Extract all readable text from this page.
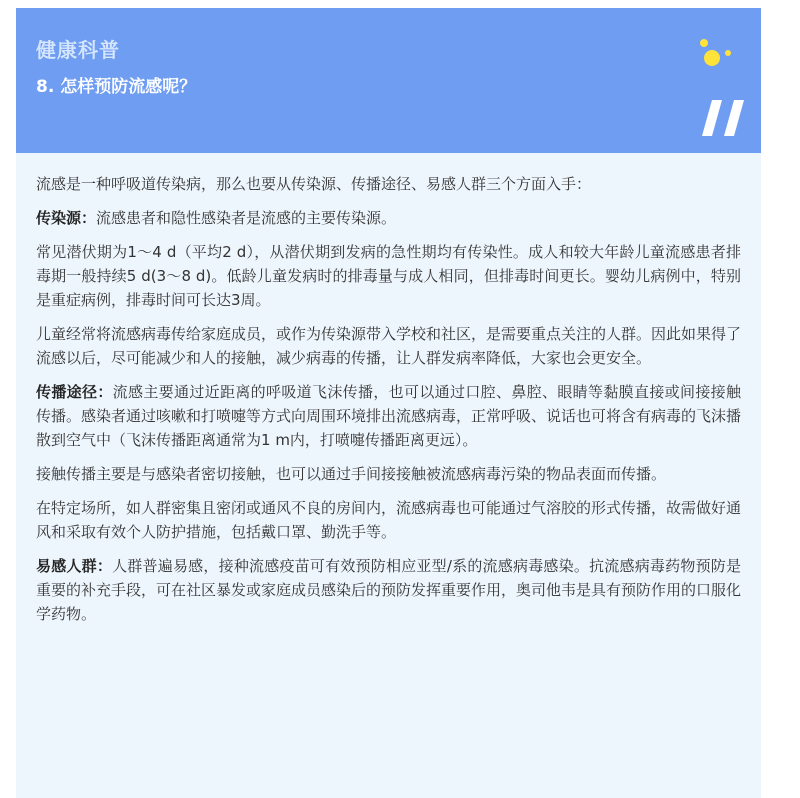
健康科普
8. 怎样预防流感呢？

流感是一种呼吸道传染病，那么也要从传染源、传播途径、易感人群三个方面入手：

传染源：流感患者和隐性感染者是流感的主要传染源。

常见潜伏期为1～4 d（平均2 d），从潜伏期到发病的急性期均有传染性。成人和较大年龄儿童流感患者排毒期一般持续5 d(3～8 d)。低龄儿童发病时的排毒量与成人相同，但排毒时间更长。婴幼儿病例中，特别是重症病例，排毒时间可长达3周。

儿童经常将流感病毒传给家庭成员，或作为传染源带入学校和社区，是需要重点关注的人群。因此如果得了流感以后，尽可能减少和人的接触，减少病毒的传播，让人群发病率降低，大家也会更安全。

传播途径：流感主要通过近距离的呼吸道飞沫传播，也可以通过口腔、鼻腔、眼睛等黏膜直接或间接接触传播。感染者通过咳嗽和打喷嚏等方式向周围环境排出流感病毒，正常呼吸、说话也可将含有病毒的飞沫播散到空气中（飞沫传播距离通常为1 m内，打喷嚏传播距离更远）。

接触传播主要是与感染者密切接触，也可以通过手间接接触被流感病毒污染的物品表面而传播。

在特定场所，如人群密集且密闭或通风不良的房间内，流感病毒也可能通过气溶胶的形式传播，故需做好通风和采取有效个人防护措施，包括戴口罩、勤洗手等。

易感人群：人群普遍易感，接种流感疫苗可有效预防相应亚型/系的流感病毒感染。抗流感病毒药物预防是重要的补充手段，可在社区暴发或家庭成员感染后的预防发挥重要作用，奥司他韦是具有预防作用的口服化学药物。
